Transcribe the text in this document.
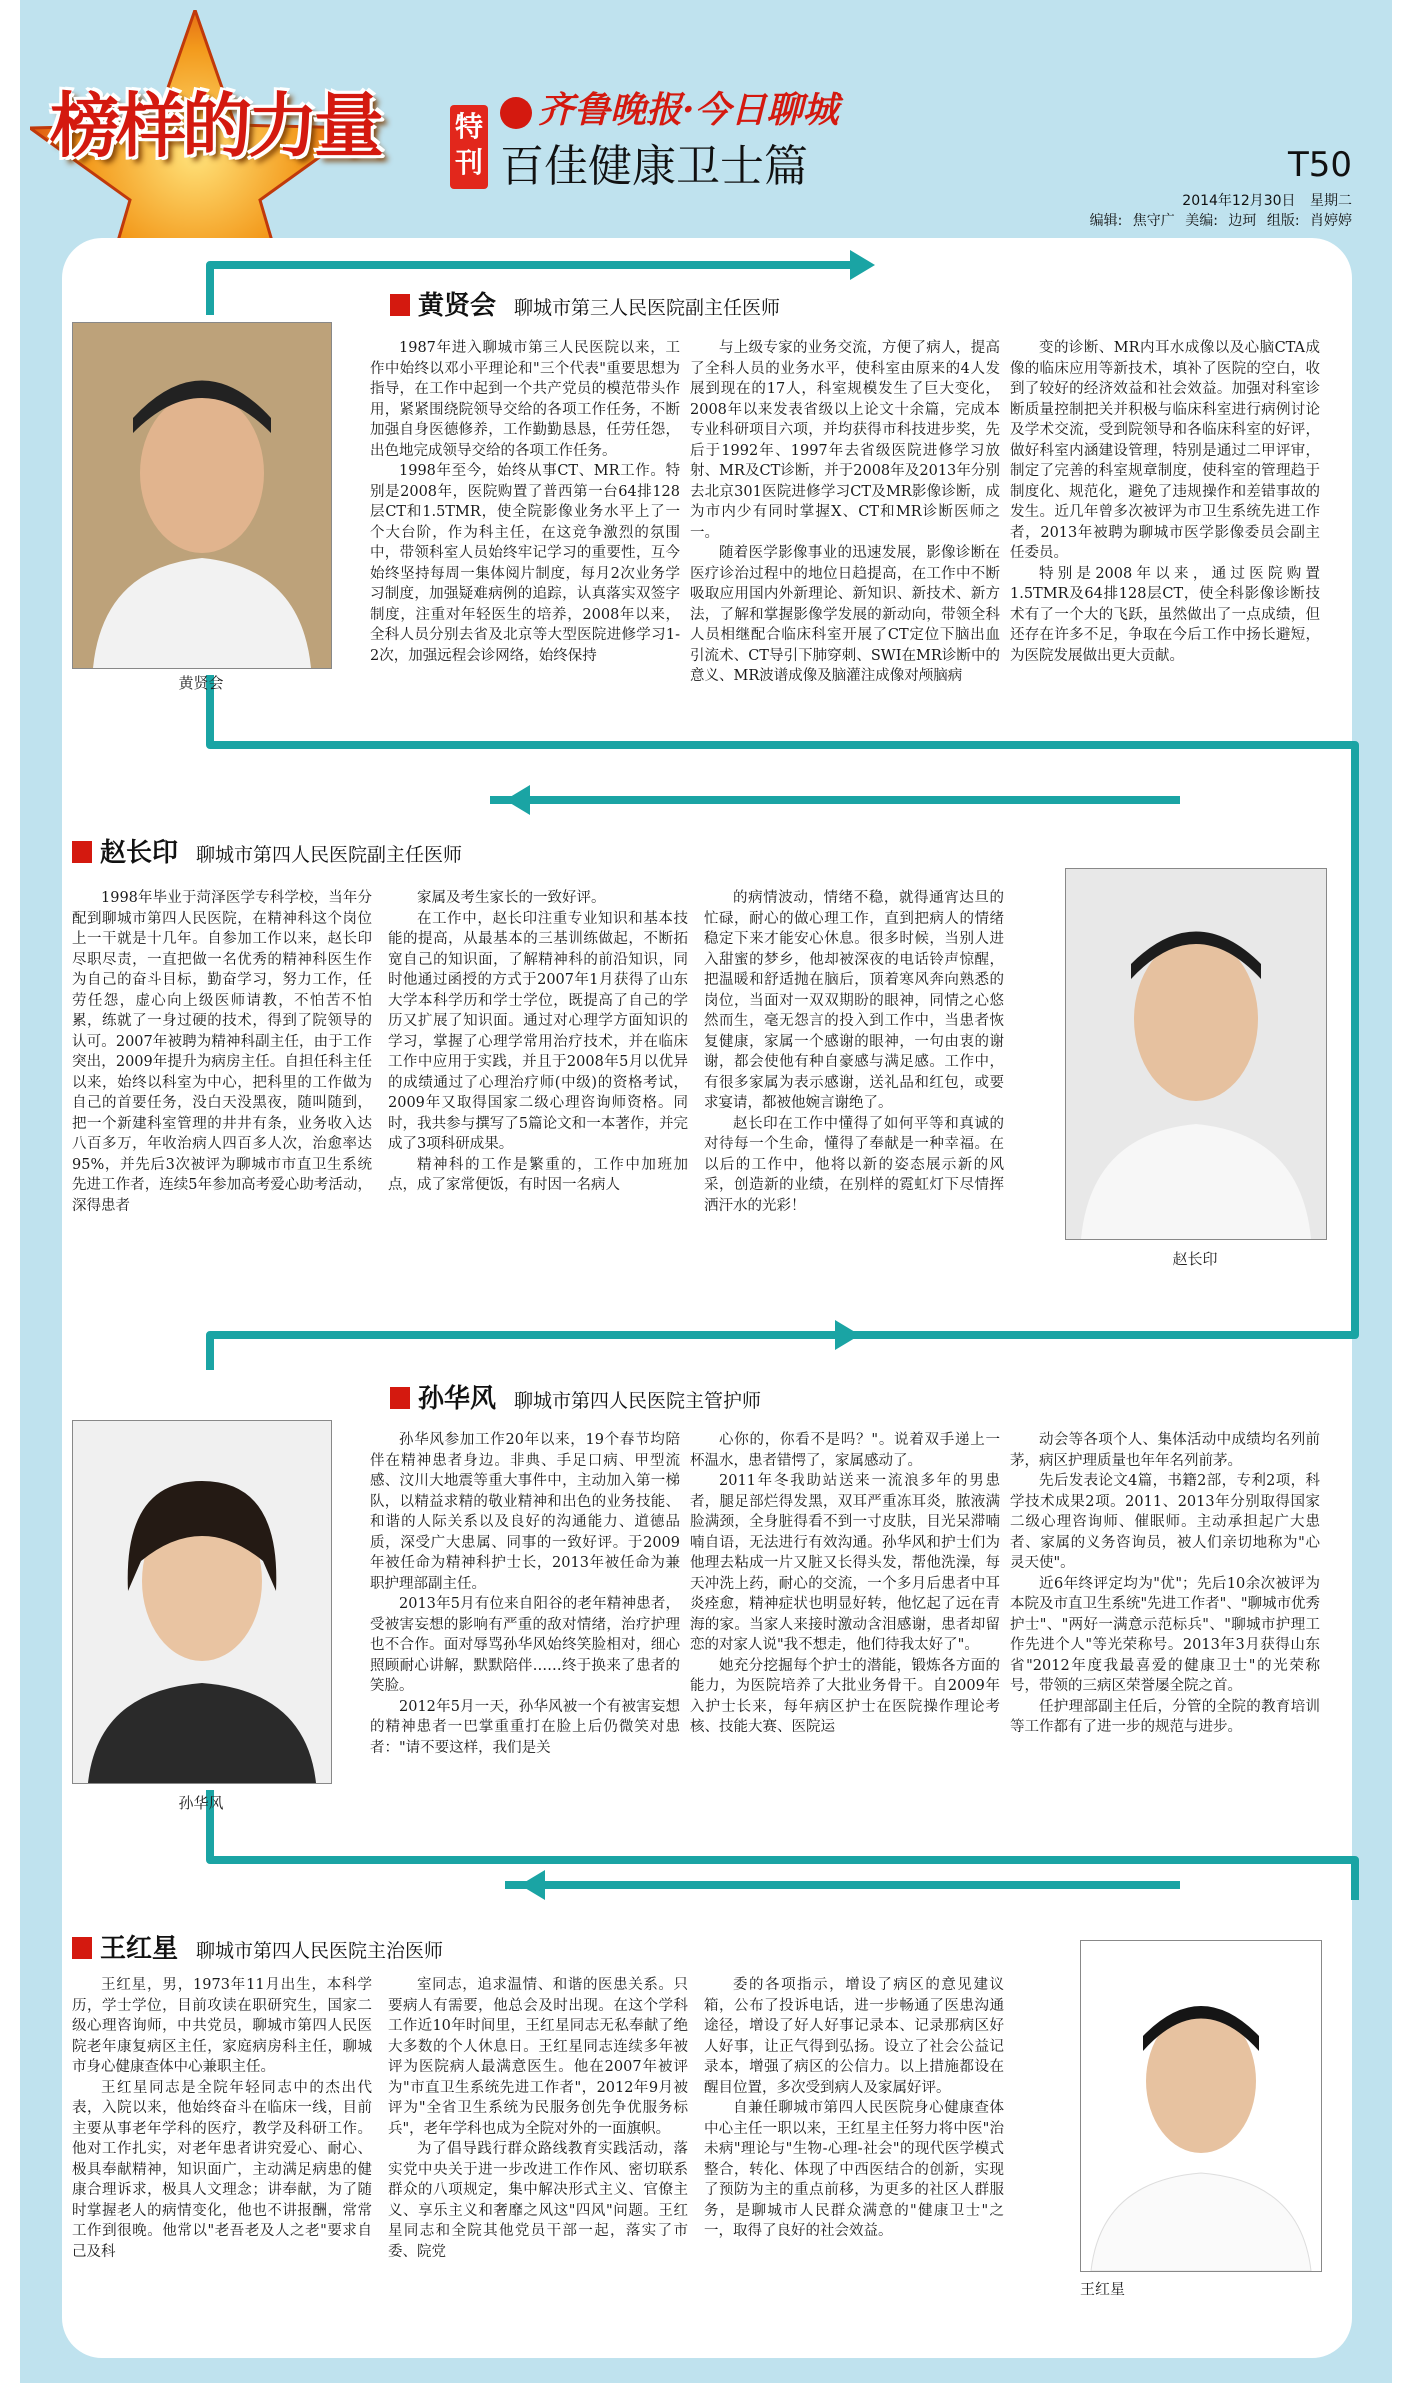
榜样的力量	特刊
齐鲁晚报·今日聊城
百佳健康卫士篇	T50
2014年12月30日 星期二
编辑: 焦守广 美编: 边珂 组版: 肖婷婷
黄贤会 聊城市第三人民医院副主任医师
黄贤会

1987年进入聊城市第三人民医院以来，工作中始终以邓小平理论和"三个代表"重要思想为指导，在工作中起到一个共产党员的模范带头作用，紧紧围绕院领导交给的各项工作任务，不断加强自身医德修养，工作勤勤恳恳，任劳任怨，出色地完成领导交给的各项工作任务。

1998年至今，始终从事CT、MR工作。特别是2008年，医院购置了普西第一台64排128层CT和1.5TMR，使全院影像业务水平上了一个大台阶，作为科主任，在这竞争激烈的氛围中，带领科室人员始终牢记学习的重要性，互今始终坚持每周一集体阅片制度，每月2次业务学习制度，加强疑难病例的追踪，认真落实双签字制度，注重对年轻医生的培养，2008年以来，全科人员分别去省及北京等大型医院进修学习1-2次，加强远程会诊网络，始终保持

与上级专家的业务交流，方便了病人，提高了全科人员的业务水平，使科室由原来的4人发展到现在的17人，科室规模发生了巨大变化，2008年以来发表省级以上论文十余篇，完成本专业科研项目六项，并均获得市科技进步奖，先后于1992年、1997年去省级医院进修学习放射、MR及CT诊断，并于2008年及2013年分别去北京301医院进修学习CT及MR影像诊断，成为市内少有同时掌握X、CT和MR诊断医师之一。

随着医学影像事业的迅速发展，影像诊断在医疗诊治过程中的地位日趋提高，在工作中不断吸取应用国内外新理论、新知识、新技术、新方法，了解和掌握影像学发展的新动向，带领全科人员相继配合临床科室开展了CT定位下脑出血引流术、CT导引下肺穿刺、SWI在MR诊断中的意义、MR波谱成像及脑灌注成像对颅脑病

变的诊断、MR内耳水成像以及心脑CTA成像的临床应用等新技术，填补了医院的空白，收到了较好的经济效益和社会效益。加强对科室诊断质量控制把关并积极与临床科室进行病例讨论及学术交流，受到院领导和各临床科室的好评，做好科室内涵建设管理，特别是通过二甲评审，制定了完善的科室规章制度，使科室的管理趋于制度化、规范化，避免了违规操作和差错事故的发生。近几年曾多次被评为市卫生系统先进工作者，2013年被聘为聊城市医学影像委员会副主任委员。

特别是2008年以来，通过医院购置1.5TMR及64排128层CT，使全科影像诊断技术有了一个大的飞跃，虽然做出了一点成绩，但还存在许多不足，争取在今后工作中扬长避短，为医院发展做出更大贡献。

赵长印 聊城市第四人民医院副主任医师

1998年毕业于菏泽医学专科学校，当年分配到聊城市第四人民医院，在精神科这个岗位上一干就是十几年。自参加工作以来，赵长印尽职尽责，一直把做一名优秀的精神科医生作为自己的奋斗目标，勤奋学习，努力工作，任劳任怨，虚心向上级医师请教，不怕苦不怕累，练就了一身过硬的技术，得到了院领导的认可。2007年被聘为精神科副主任，由于工作突出，2009年提升为病房主任。自担任科主任以来，始终以科室为中心，把科里的工作做为自己的首要任务，没白天没黑夜，随叫随到，把一个新建科室管理的井井有条，业务收入达八百多万，年收治病人四百多人次，治愈率达95%，并先后3次被评为聊城市市直卫生系统先进工作者，连续5年参加高考爱心助考活动，深得患者

家属及考生家长的一致好评。

在工作中，赵长印注重专业知识和基本技能的提高，从最基本的三基训练做起，不断拓宽自己的知识面，了解精神科的前沿知识，同时他通过函授的方式于2007年1月获得了山东大学本科学历和学士学位，既提高了自己的学历又扩展了知识面。通过对心理学方面知识的学习，掌握了心理学常用治疗技术，并在临床工作中应用于实践，并且于2008年5月以优异的成绩通过了心理治疗师(中级)的资格考试，2009年又取得国家二级心理咨询师资格。同时，我共参与撰写了5篇论文和一本著作，并完成了3项科研成果。

精神科的工作是繁重的，工作中加班加点，成了家常便饭，有时因一名病人

的病情波动，情绪不稳，就得通宵达旦的忙碌，耐心的做心理工作，直到把病人的情绪稳定下来才能安心休息。很多时候，当别人进入甜蜜的梦乡，他却被深夜的电话铃声惊醒，把温暖和舒适抛在脑后，顶着寒风奔向熟悉的岗位，当面对一双双期盼的眼神，同情之心悠然而生，毫无怨言的投入到工作中，当患者恢复健康，家属一个感谢的眼神，一句由衷的谢谢，都会使他有种自豪感与满足感。工作中，有很多家属为表示感谢，送礼品和红包，或要求宴请，都被他婉言谢绝了。

赵长印在工作中懂得了如何平等和真诚的对待每一个生命，懂得了奉献是一种幸福。在以后的工作中，他将以新的姿态展示新的风采，创造新的业绩，在别样的霓虹灯下尽情挥洒汗水的光彩！

赵长印
孙华风 聊城市第四人民医院主管护师
孙华风

孙华风参加工作20年以来，19个春节均陪伴在精神患者身边。非典、手足口病、甲型流感、汶川大地震等重大事件中，主动加入第一梯队，以精益求精的敬业精神和出色的业务技能、和谐的人际关系以及良好的沟通能力、道德品质，深受广大患属、同事的一致好评。于2009年被任命为精神科护士长，2013年被任命为兼职护理部副主任。

2013年5月有位来自阳谷的老年精神患者，受被害妄想的影响有严重的敌对情绪，治疗护理也不合作。面对辱骂孙华风始终笑脸相对，细心照顾耐心讲解，默默陪伴……终于换来了患者的笑脸。

2012年5月一天，孙华风被一个有被害妄想的精神患者一巴掌重重打在脸上后仍微笑对患者："请不要这样，我们是关

心你的，你看不是吗？"。说着双手递上一杯温水，患者错愕了，家属感动了。

2011年冬我助站送来一流浪多年的男患者，腿足部烂得发黑，双耳严重冻耳炎，脓液满脸满颈，全身脏得看不到一寸皮肤，目光呆滞喃喃自语，无法进行有效沟通。孙华风和护士们为他理去粘成一片又脏又长得头发，帮他洗澡，每天冲洗上药，耐心的交流，一个多月后患者中耳炎痊愈，精神症状也明显好转，他忆起了远在青海的家。当家人来接时激动含泪感谢，患者却留恋的对家人说"我不想走，他们待我太好了"。

她充分挖掘每个护士的潜能，锻炼各方面的能力，为医院培养了大批业务骨干。自2009年入护士长来，每年病区护士在医院操作理论考核、技能大赛、医院运

动会等各项个人、集体活动中成绩均名列前茅，病区护理质量也年年名列前茅。

先后发表论文4篇，书籍2部，专利2项，科学技术成果2项。2011、2013年分别取得国家二级心理咨询师、催眠师。主动承担起广大患者、家属的义务咨询员，被人们亲切地称为"心灵天使"。

近6年终评定均为"优"；先后10余次被评为本院及市直卫生系统"先进工作者"、"聊城市优秀护士"、"两好一满意示范标兵"、"聊城市护理工作先进个人"等光荣称号。2013年3月获得山东省"2012年度我最喜爱的健康卫士"的光荣称号，带领的三病区荣誉屡全院之首。

任护理部副主任后，分管的全院的教育培训等工作都有了进一步的规范与进步。

王红星 聊城市第四人民医院主治医师

王红星，男，1973年11月出生，本科学历，学士学位，目前攻读在职研究生，国家二级心理咨询师，中共党员，聊城市第四人民医院老年康复病区主任，家庭病房科主任，聊城市身心健康查体中心兼职主任。

王红星同志是全院年轻同志中的杰出代表，入院以来，他始终奋斗在临床一线，目前主要从事老年学科的医疗，教学及科研工作。他对工作扎实，对老年患者讲究爱心、耐心、极具奉献精神，知识面广，主动满足病患的健康合理诉求，极具人文理念；讲奉献，为了随时掌握老人的病情变化，他也不讲报酬，常常工作到很晚。他常以"老吾老及人之老"要求自己及科

室同志，追求温情、和谐的医患关系。只要病人有需要，他总会及时出现。在这个学科工作近10年时间里，王红星同志无私奉献了绝大多数的个人休息日。王红星同志连续多年被评为医院病人最满意医生。他在2007年被评为"市直卫生系统先进工作者"，2012年9月被评为"全省卫生系统为民服务创先争优服务标兵"，老年学科也成为全院对外的一面旗帜。

为了倡导践行群众路线教育实践活动，落实党中央关于进一步改进工作作风、密切联系群众的八项规定，集中解决形式主义、官僚主义、享乐主义和奢靡之风这"四风"问题。王红星同志和全院其他党员干部一起，落实了市委、院党

委的各项指示，增设了病区的意见建议箱，公布了投诉电话，进一步畅通了医患沟通途径，增设了好人好事记录本、记录那病区好人好事，让正气得到弘扬。设立了社会公益记录本，增强了病区的公信力。以上措施都设在醒目位置，多次受到病人及家属好评。

自兼任聊城市第四人民医院身心健康查体中心主任一职以来，王红星主任努力将中医"治未病"理论与"生物-心理-社会"的现代医学模式整合，转化、体现了中西医结合的创新，实现了预防为主的重点前移，为更多的社区人群服务，是聊城市人民群众满意的"健康卫士"之一，取得了良好的社会效益。

王红星
